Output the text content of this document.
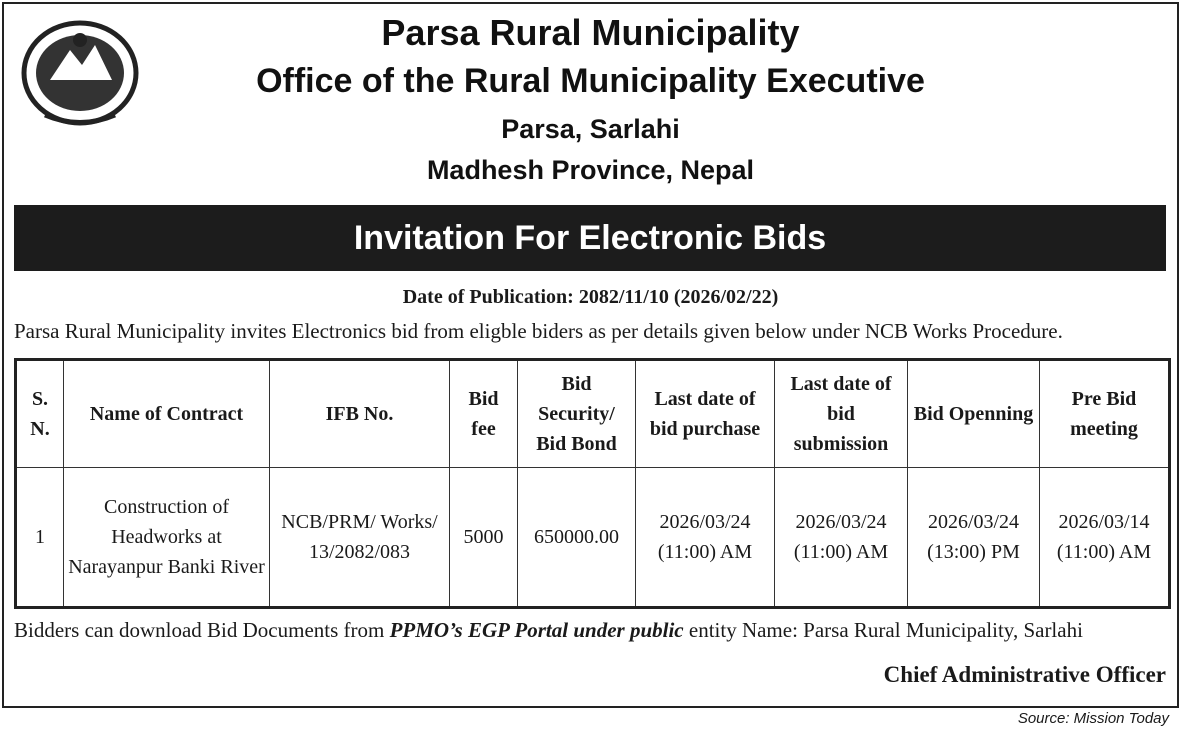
Parsa Rural Municipality
Office of the Rural Municipality Executive
Parsa, Sarlahi
Madhesh Province, Nepal
Invitation For Electronic Bids
Date of Publication: 2082/11/10 (2026/02/22)
Parsa Rural Municipality invites Electronics bid from eligble biders as per details given below under NCB Works Procedure.
S. N.	Name of Contract	IFB No.	Bid fee	Bid Security/ Bid Bond	Last date of bid purchase	Last date of bid submission	Bid Openning	Pre Bid meeting
1	Construction of Headworks at Narayanpur Banki River	NCB/PRM/ Works/ 13/2082/083	5000	650000.00	2026/03/24 (11:00) AM	2026/03/24 (11:00) AM	2026/03/24 (13:00) PM	2026/03/14 (11:00) AM
Bidders can download Bid Documents from PPMO’s EGP Portal under public entity Name: Parsa Rural Municipality, Sarlahi
Chief Administrative Officer
Source: Mission Today
